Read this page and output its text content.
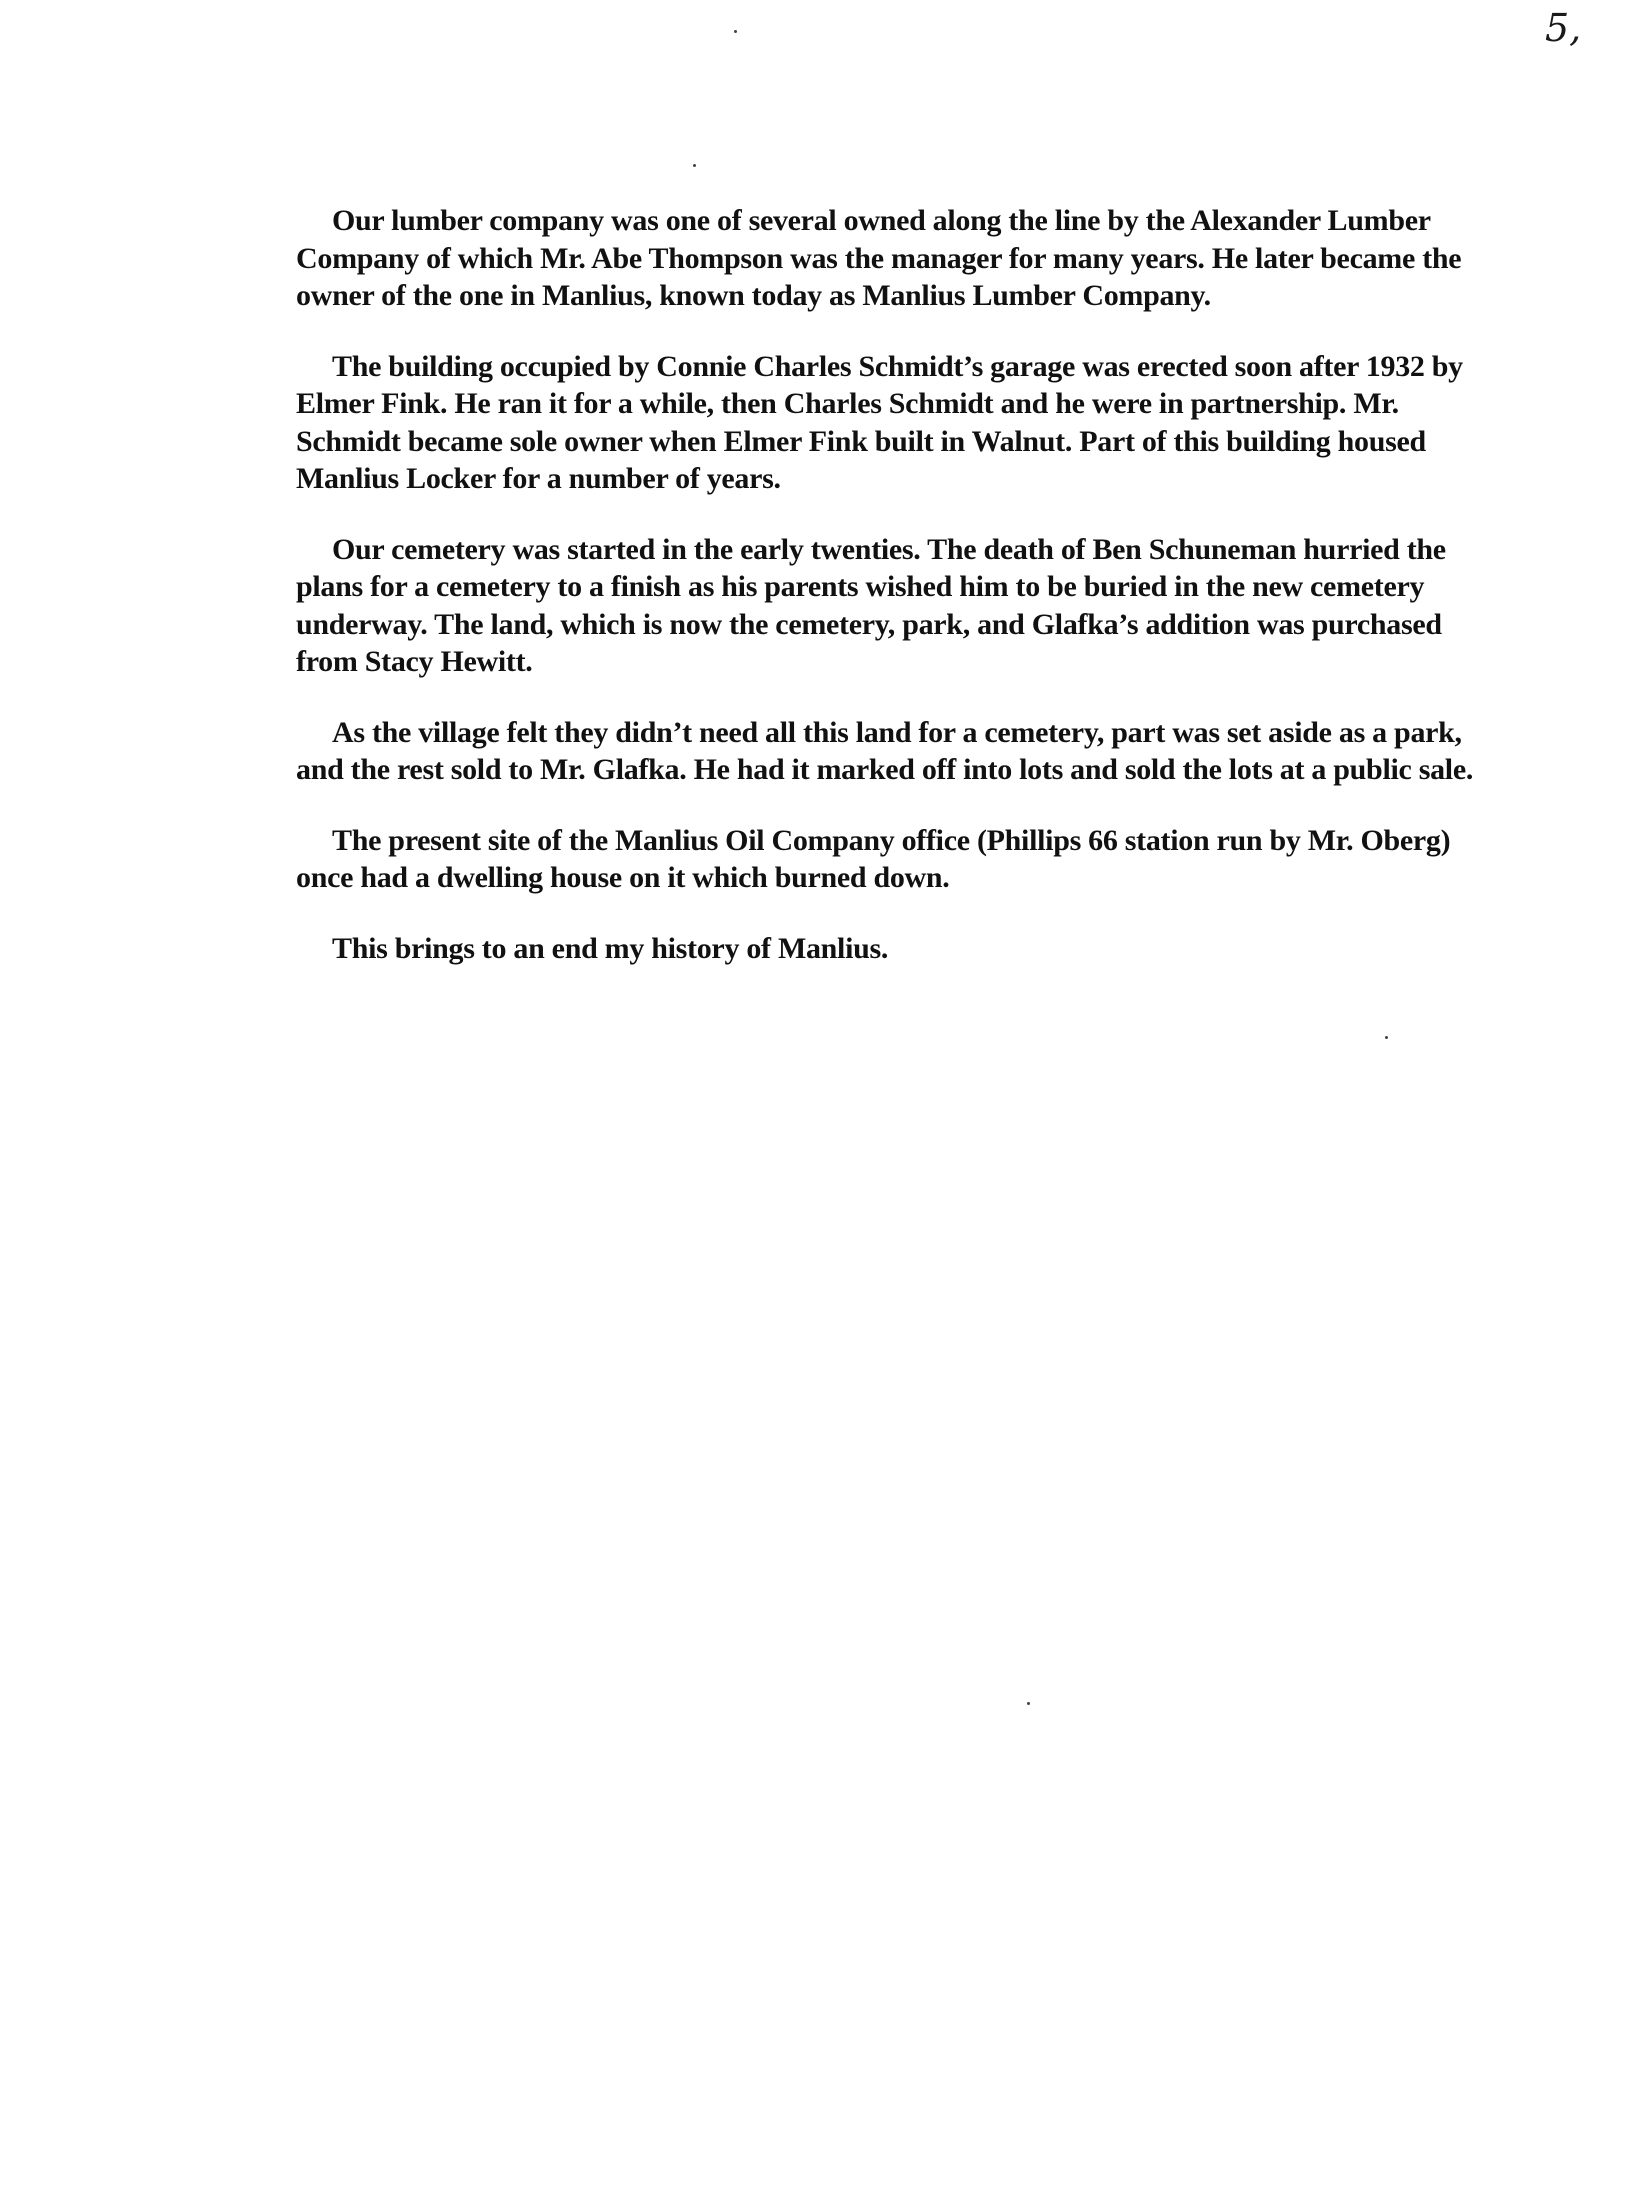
5,

Our lumber company was one of several owned along the line by the Alexander Lumber Company of which Mr. Abe Thompson was the manager for many years. He later became the owner of the one in Manlius, known today as Manlius Lumber Company.

The building occupied by Connie Charles Schmidt’s garage was erected soon after 1932 by Elmer Fink. He ran it for a while, then Charles Schmidt and he were in partnership. Mr. Schmidt became sole owner when Elmer Fink built in Walnut. Part of this building housed Manlius Locker for a number of years.

Our cemetery was started in the early twenties. The death of Ben Schuneman hurried the plans for a cemetery to a finish as his parents wished him to be buried in the new cemetery underway. The land, which is now the cemetery, park, and Glafka’s addition was purchased from Stacy Hewitt.

As the village felt they didn’t need all this land for a cemetery, part was set aside as a park, and the rest sold to Mr. Glafka. He had it marked off into lots and sold the lots at a public sale.

The present site of the Manlius Oil Company office (Phillips 66 station run by Mr. Oberg) once had a dwelling house on it which burned down.

This brings to an end my history of Manlius.
